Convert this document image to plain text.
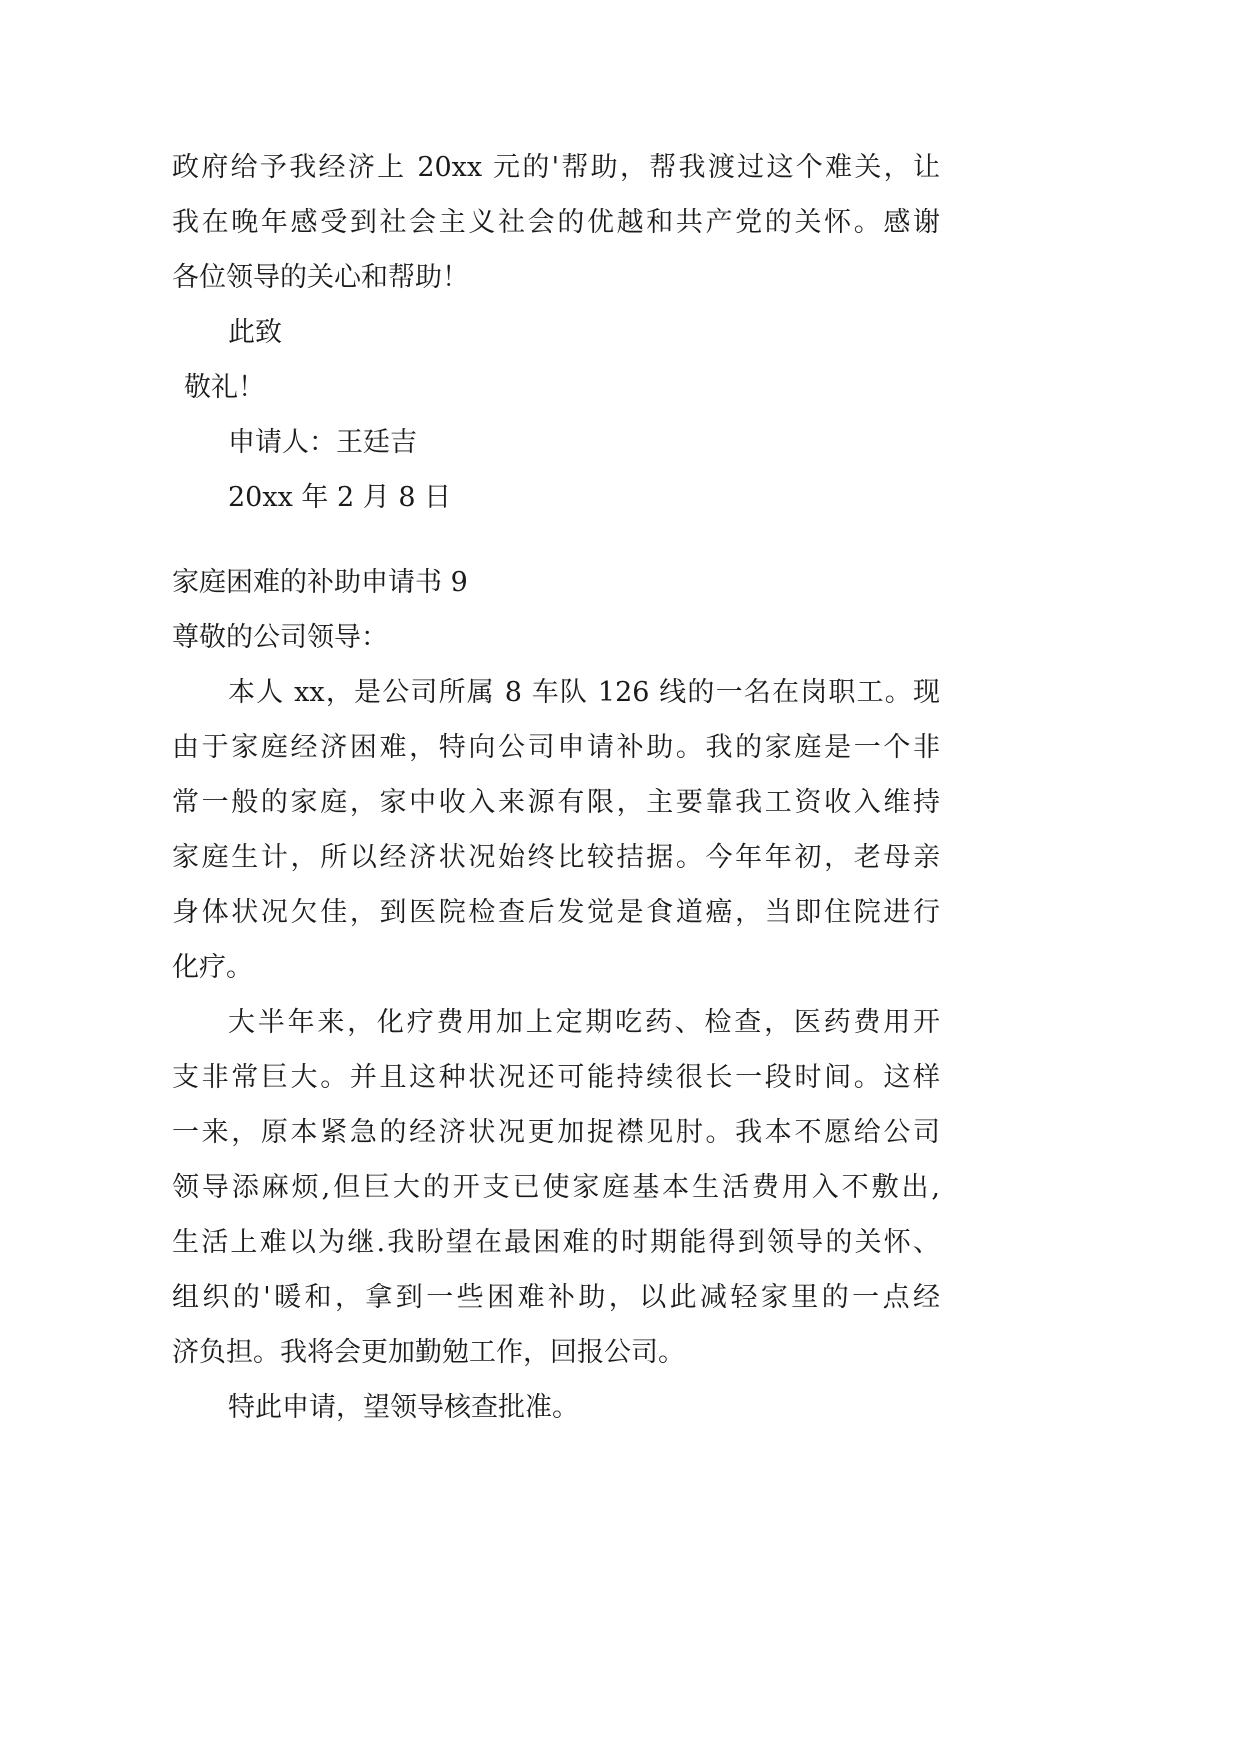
政府给予我经济上 20xx 元的'帮助，帮我渡过这个难关，让
我在晚年感受到社会主义社会的优越和共产党的关怀。感谢
各位领导的关心和帮助！
此致
敬礼！
申请人：王廷吉
20xx 年 2 月 8 日
家庭困难的补助申请书 9
尊敬的公司领导：
本人 xx，是公司所属 8 车队 126 线的一名在岗职工。现
由于家庭经济困难，特向公司申请补助。我的家庭是一个非
常一般的家庭，家中收入来源有限，主要靠我工资收入维持
家庭生计，所以经济状况始终比较拮据。今年年初，老母亲
身体状况欠佳，到医院检查后发觉是食道癌，当即住院进行
化疗。
大半年来，化疗费用加上定期吃药、检查，医药费用开
支非常巨大。并且这种状况还可能持续很长一段时间。这样
一来，原本紧急的经济状况更加捉襟见肘。我本不愿给公司
领导添麻烦,但巨大的开支已使家庭基本生活费用入不敷出,
生活上难以为继.我盼望在最困难的时期能得到领导的关怀、
组织的'暖和，拿到一些困难补助，以此减轻家里的一点经
济负担。我将会更加勤勉工作，回报公司。
特此申请，望领导核查批准。
